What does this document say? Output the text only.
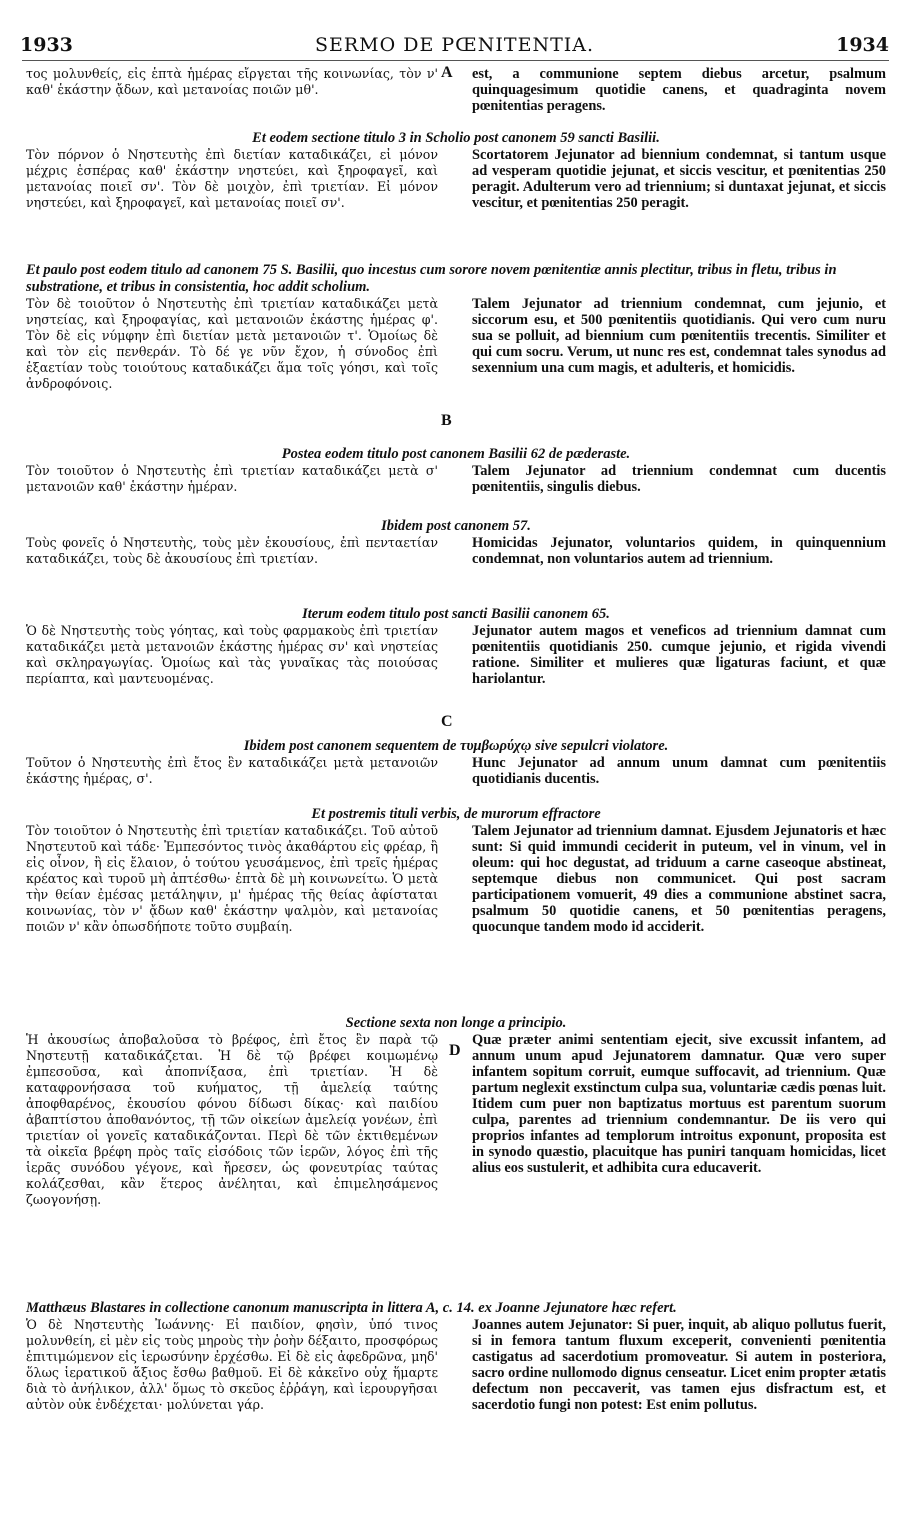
1933	SERMO DE PŒNITENTIA.	1934
A
B
C
D
τος μολυνθείς, εἰς ἑπτὰ ἡμέρας εἴργεται τῆς κοινωνίας, τὸν ν' καθ' ἑκάστην ᾄδων, καὶ μετανοίας ποιῶν μθ'.
est, a communione septem diebus arcetur, psalmum quinquagesimum quotidie canens, et quadraginta novem pœnitentias peragens.
Et eodem sectione titulo 3 in Scholio post canonem 59 sancti Basilii.
Τὸν πόρνον ὁ Νηστευτὴς ἐπὶ διετίαν καταδικάζει, εἰ μόνον μέχρις ἑσπέρας καθ' ἑκάστην νηστεύει, καὶ ξηροφαγεῖ, καὶ μετανοίας ποιεῖ σν'. Τὸν δὲ μοιχὸν, ἐπὶ τριετίαν. Εἰ μόνον νηστεύει, καὶ ξηροφαγεῖ, καὶ μετανοίας ποιεῖ σν'.
Scortatorem Jejunator ad biennium condemnat, si tantum usque ad vesperam quotidie jejunat, et siccis vescitur, et pœnitentias 250 peragit. Adulterum vero ad triennium; si duntaxat jejunat, et siccis vescitur, et pœnitentias 250 peragit.
Et paulo post eodem titulo ad canonem 75 S. Basilii, quo incestus cum sorore novem pœnitentiæ annis plectitur, tribus in fletu, tribus in substratione, et tribus in consistentia, hoc addit scholium.
Τὸν δὲ τοιοῦτον ὁ Νηστευτὴς ἐπὶ τριετίαν καταδικάζει μετὰ νηστείας, καὶ ξηροφαγίας, καὶ μετανοιῶν ἑκάστης ἡμέρας φ'. Τὸν δὲ εἰς νύμφην ἐπὶ διετίαν μετὰ μετανοιῶν τ'. Ὁμοίως δὲ καὶ τὸν εἰς πενθεράν. Τὸ δέ γε νῦν ἔχον, ἡ σύνοδος ἐπὶ ἑξαετίαν τοὺς τοιούτους καταδικάζει ἅμα τοῖς γόησι, καὶ τοῖς ἀνδροφόνοις.
Talem Jejunator ad triennium condemnat, cum jejunio, et siccorum esu, et 500 pœnitentiis quotidianis. Qui vero cum nuru sua se polluit, ad biennium cum pœnitentiis trecentis. Similiter et qui cum socru. Verum, ut nunc res est, condemnat tales synodus ad sexennium una cum magis, et adulteris, et homicidis.
Postea eodem titulo post canonem Basilii 62 de pæderaste.
Τὸν τοιοῦτον ὁ Νηστευτὴς ἐπὶ τριετίαν καταδικάζει μετὰ σ' μετανοιῶν καθ' ἑκάστην ἡμέραν.
Talem Jejunator ad triennium condemnat cum ducentis pœnitentiis, singulis diebus.
Ibidem post canonem 57.
Τοὺς φονεῖς ὁ Νηστευτὴς, τοὺς μὲν ἑκουσίους, ἐπὶ πενταετίαν καταδικάζει, τοὺς δὲ ἀκουσίους ἐπὶ τριετίαν.
Homicidas Jejunator, voluntarios quidem, in quinquennium condemnat, non voluntarios autem ad triennium.
Iterum eodem titulo post sancti Basilii canonem 65.
Ὁ δὲ Νηστευτὴς τοὺς γόητας, καὶ τοὺς φαρμακοὺς ἐπὶ τριετίαν καταδικάζει μετὰ μετανοιῶν ἑκάστης ἡμέρας σν' καὶ νηστείας καὶ σκληραγωγίας. Ὁμοίως καὶ τὰς γυναῖκας τὰς ποιούσας περίαπτα, καὶ μαντευομένας.
Jejunator autem magos et veneficos ad triennium damnat cum pœnitentiis quotidianis 250. cumque jejunio, et rigida vivendi ratione. Similiter et mulieres quæ ligaturas faciunt, et quæ hariolantur.
Ibidem post canonem sequentem de τυμβωρύχῳ sive sepulcri violatore.
Τοῦτον ὁ Νηστευτὴς ἐπὶ ἔτος ἓν καταδικάζει μετὰ μετανοιῶν ἑκάστης ἡμέρας, σ'.
Hunc Jejunator ad annum unum damnat cum pœnitentiis quotidianis ducentis.
Et postremis tituli verbis, de murorum effractore
Τὸν τοιοῦτον ὁ Νηστευτὴς ἐπὶ τριετίαν καταδικάζει. Τοῦ αὐτοῦ Νηστευτοῦ καὶ τάδε· Ἐμπεσόντος τινὸς ἀκαθάρτου εἰς φρέαρ, ἢ εἰς οἶνον, ἢ εἰς ἔλαιον, ὁ τούτου γευσάμενος, ἐπὶ τρεῖς ἡμέρας κρέατος καὶ τυροῦ μὴ ἀπτέσθω· ἑπτὰ δὲ μὴ κοινωνείτω. Ὁ μετὰ τὴν θείαν ἐμέσας μετάληψιν, μ' ἡμέρας τῆς θείας ἀφίσταται κοινωνίας, τὸν ν' ᾄδων καθ' ἑκάστην ψαλμὸν, καὶ μετανοίας ποιῶν ν' κἂν ὁπωσδήποτε τοῦτο συμβαίη.
Talem Jejunator ad triennium damnat. Ejusdem Jejunatoris et hæc sunt: Si quid immundi ceciderit in puteum, vel in vinum, vel in oleum: qui hoc degustat, ad triduum a carne caseoque abstineat, septemque diebus non communicet. Qui post sacram participationem vomuerit, 49 dies a communione abstinet sacra, psalmum 50 quotidie canens, et 50 pœnitentias peragens, quocunque tandem modo id acciderit.
Sectione sexta non longe a principio.
Ἡ ἀκουσίως ἀποβαλοῦσα τὸ βρέφος, ἐπὶ ἔτος ἓν παρὰ τῷ Νηστευτῇ καταδικάζεται. Ἡ δὲ τῷ βρέφει κοιμωμένῳ ἐμπεσοῦσα, καὶ ἀποπνίξασα, ἐπὶ τριετίαν. Ἡ δὲ καταφρονήσασα τοῦ κυήματος, τῇ ἀμελείᾳ ταύτης ἀποφθαρένος, ἑκουσίου φόνου δίδωσι δίκας· καὶ παιδίου ἀβαπτίστου ἀποθανόντος, τῇ τῶν οἰκείων ἀμελείᾳ γονέων, ἐπὶ τριετίαν οἱ γονεῖς καταδικάζονται. Περὶ δὲ τῶν ἐκτιθεμένων τὰ οἰκεῖα βρέφη πρὸς ταῖς εἰσόδοις τῶν ἱερῶν, λόγος ἐπὶ τῆς ἱερᾶς συνόδου γέγονε, καὶ ἤρεσεν, ὡς φονευτρίας ταύτας κολάζεσθαι, κἂν ἕτερος ἀνέληται, καὶ ἐπιμελησάμενος ζωογονήσῃ.
Quæ præter animi sententiam ejecit, sive excussit infantem, ad annum unum apud Jejunatorem damnatur. Quæ vero super infantem sopitum corruit, eumque suffocavit, ad triennium. Quæ partum neglexit exstinctum culpa sua, voluntariæ cædis pœnas luit. Itidem cum puer non baptizatus mortuus est parentum suorum culpa, parentes ad triennium condemnantur. De iis vero qui proprios infantes ad templorum introitus exponunt, proposita est in synodo quæstio, placuitque has puniri tanquam homicidas, licet alius eos sustulerit, et adhibita cura educaverit.
Matthæus Blastares in collectione canonum manuscripta in littera A, c. 14. ex Joanne Jejunatore hæc refert.
Ὁ δὲ Νηστευτὴς Ἰωάννης· Εἰ παιδίον, φησὶν, ὑπό τινος μολυνθείη, εἰ μὲν εἰς τοὺς μηροὺς τὴν ῥοὴν δέξαιτο, προσφόρως ἐπιτιμώμενον εἰς ἱερωσύνην ἐρχέσθω. Εἰ δὲ εἰς ἀφεδρῶνα, μηδ' ὅλως ἱερατικοῦ ἄξιος ἔσθω βαθμοῦ. Εἰ δὲ κἀκεῖνο οὐχ ἥμαρτε διὰ τὸ ἀνήλικον, ἀλλ' ὅμως τὸ σκεῦος ἐῤῥάγη, καὶ ἱερουργῆσαι αὐτὸν οὐκ ἐνδέχεται· μολύνεται γάρ.
Joannes autem Jejunator: Si puer, inquit, ab aliquo pollutus fuerit, si in femora tantum fluxum exceperit, convenienti pœnitentia castigatus ad sacerdotium promoveatur. Si autem in posteriora, sacro ordine nullomodo dignus censeatur. Licet enim propter ætatis defectum non peccaverit, vas tamen ejus disfractum est, et sacerdotio fungi non potest: Est enim pollutus.
